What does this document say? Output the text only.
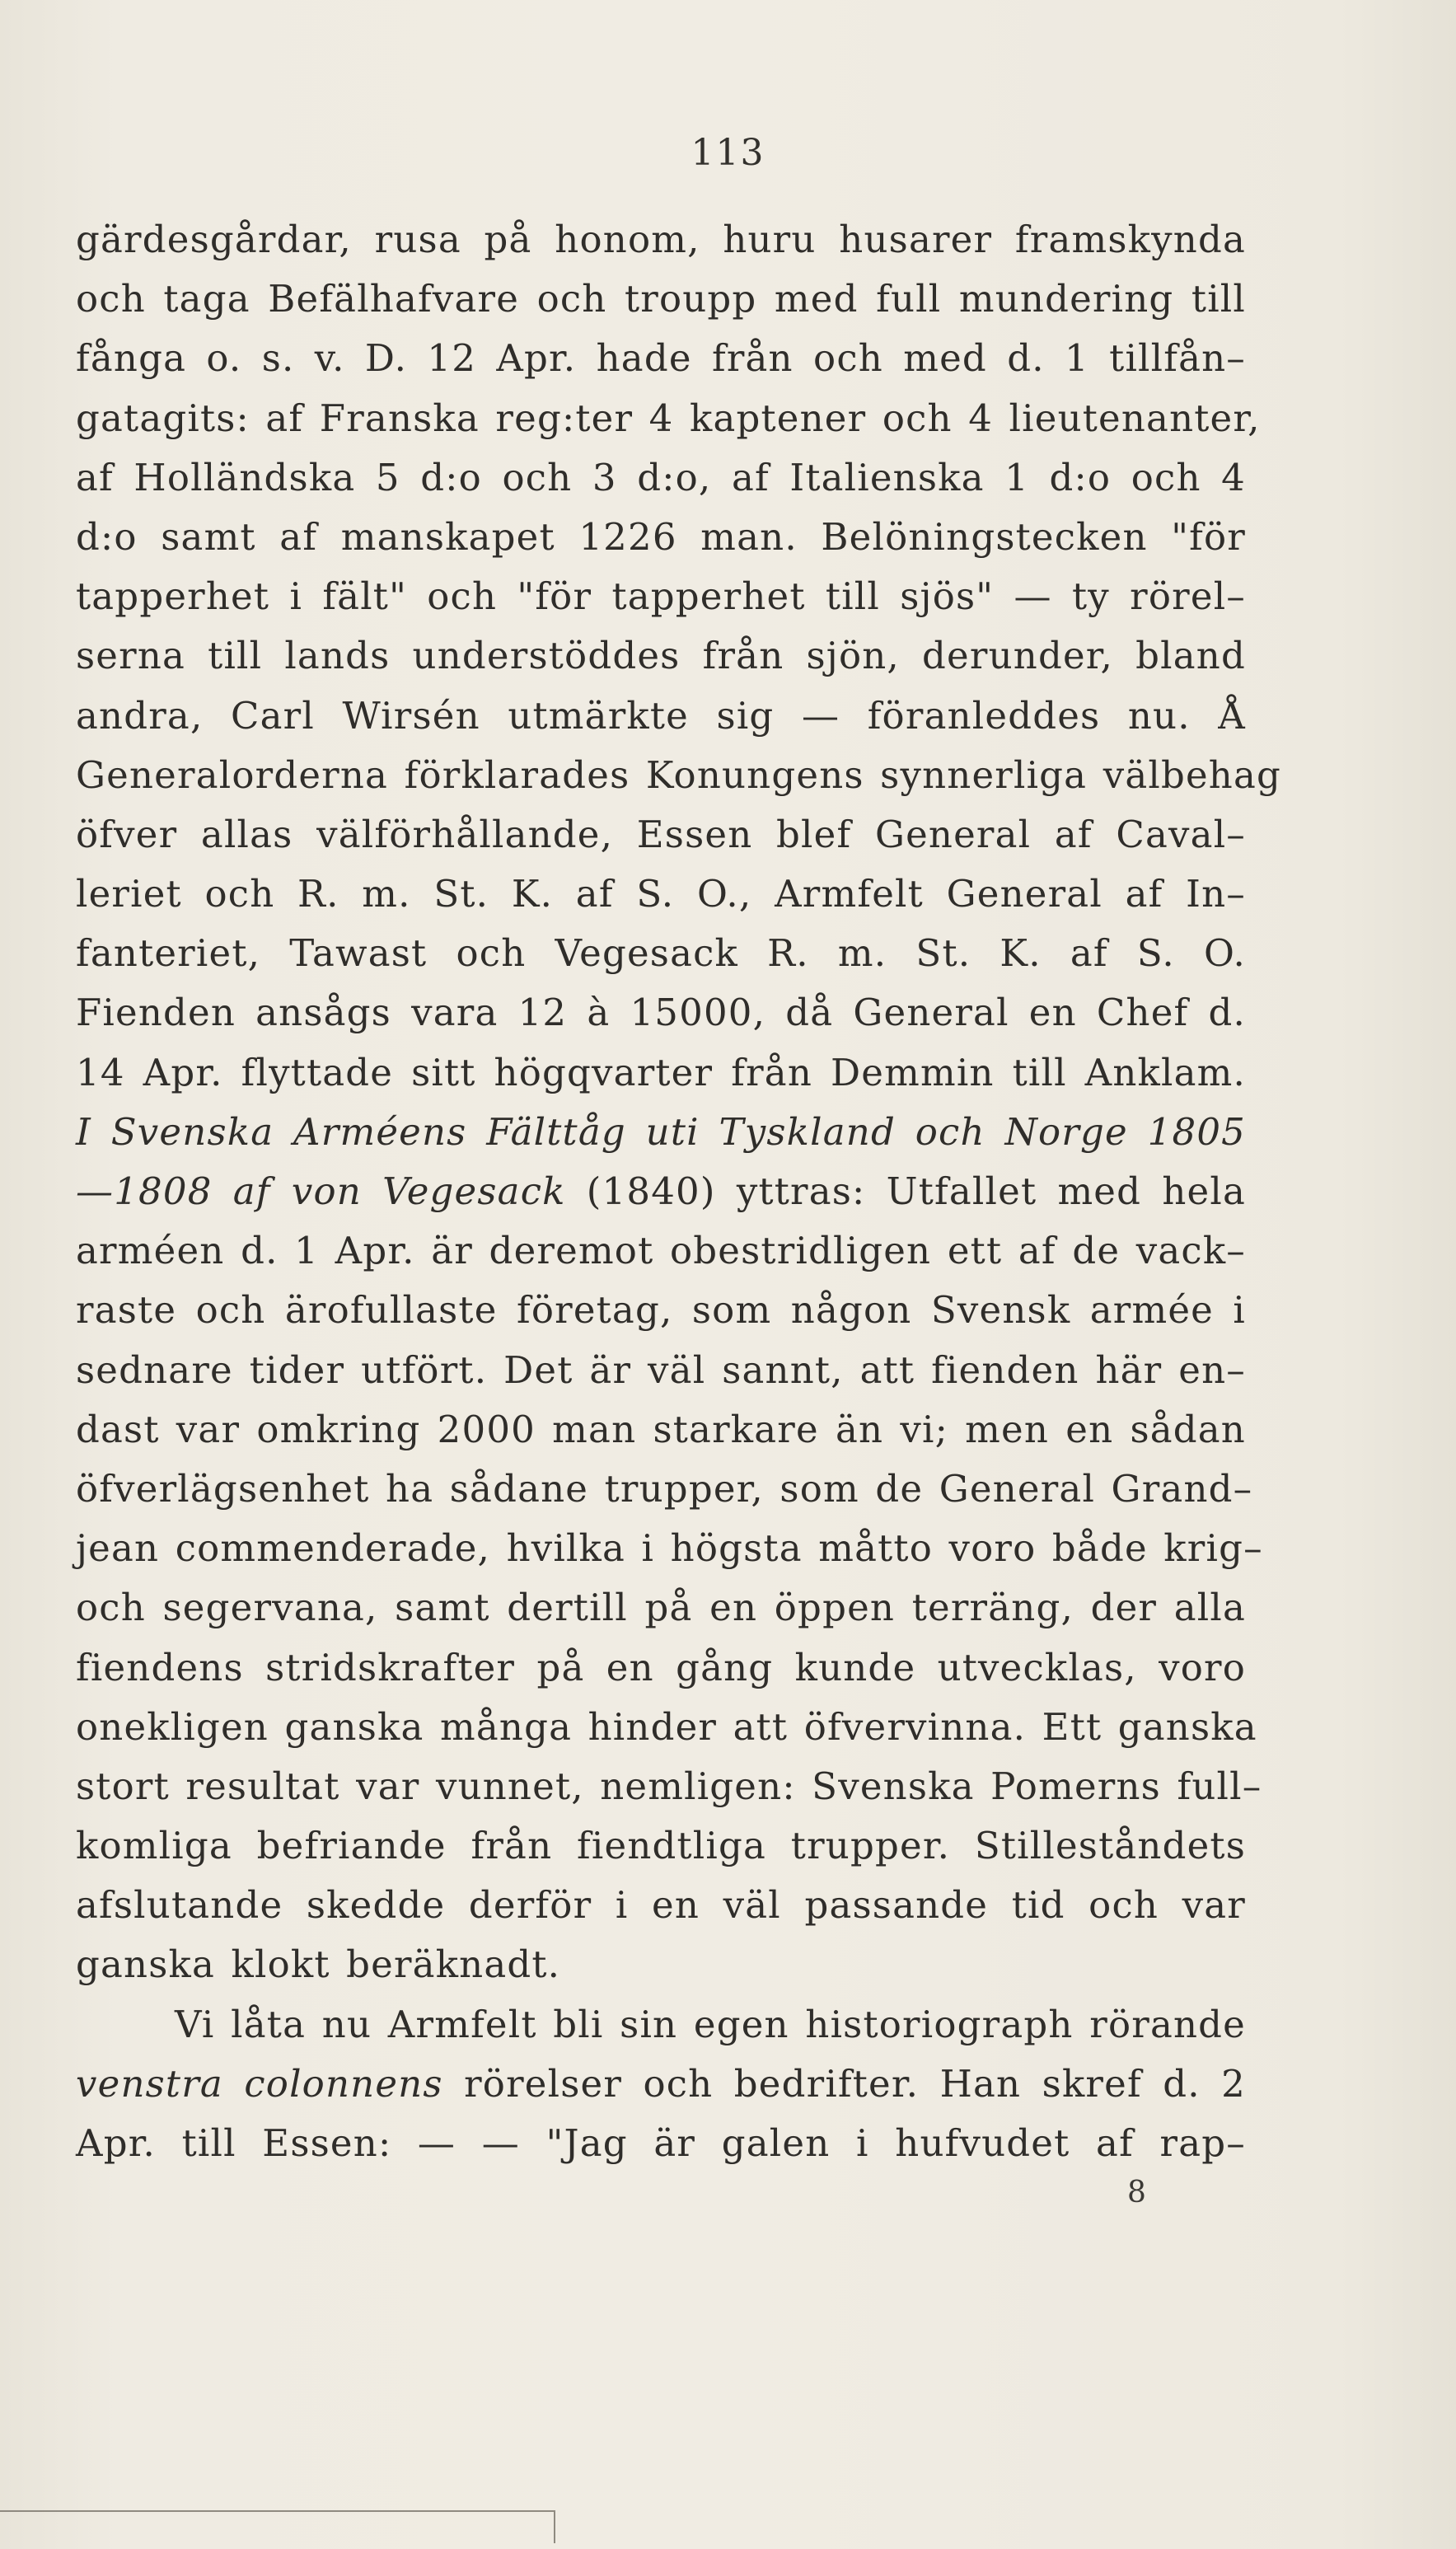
113
gärdesgårdar, rusa på honom, huru husarer framskynda
och taga Befälhafvare och troupp med full mundering till
fånga o. s. v. D. 12 Apr. hade från och med d. 1 tillfån–
gatagits: af Franska reg:ter 4 kaptener och 4 lieutenanter,
af Holländska 5 d:o och 3 d:o, af Italienska 1 d:o och 4
d:o samt af manskapet 1226 man. Belöningstecken "för
tapperhet i fält" och "för tapperhet till sjös" — ty rörel–
serna till lands understöddes från sjön, derunder, bland
andra, Carl Wirsén utmärkte sig — föranleddes nu. Å
Generalorderna förklarades Konungens synnerliga välbehag
öfver allas välförhållande, Essen blef General af Caval–
leriet och R. m. St. K. af S. O., Armfelt General af In–
fanteriet, Tawast och Vegesack R. m. St. K. af S. O.
Fienden ansågs vara 12 à 15000, då General en Chef d.
14 Apr. flyttade sitt högqvarter från Demmin till Anklam.
I Svenska Arméens Fälttåg uti Tyskland och Norge 1805
—1808 af von Vegesack (1840) yttras: Utfallet med hela
arméen d. 1 Apr. är deremot obestridligen ett af de vack–
raste och ärofullaste företag, som någon Svensk armée i
sednare tider utfört. Det är väl sannt, att fienden här en–
dast var omkring 2000 man starkare än vi; men en sådan
öfverlägsenhet ha sådane trupper, som de General Grand–
jean commenderade, hvilka i högsta måtto voro både krig–
och segervana, samt dertill på en öppen terräng, der alla
fiendens stridskrafter på en gång kunde utvecklas, voro
onekligen ganska många hinder att öfvervinna. Ett ganska
stort resultat var vunnet, nemligen: Svenska Pomerns full–
komliga befriande från fiendtliga trupper. Stilleståndets
afslutande skedde derför i en väl passande tid och var
ganska klokt beräknadt.
Vi låta nu Armfelt bli sin egen historiograph rörande
venstra colonnens rörelser och bedrifter. Han skref d. 2
Apr. till Essen: — — "Jag är galen i hufvudet af rap–
8
